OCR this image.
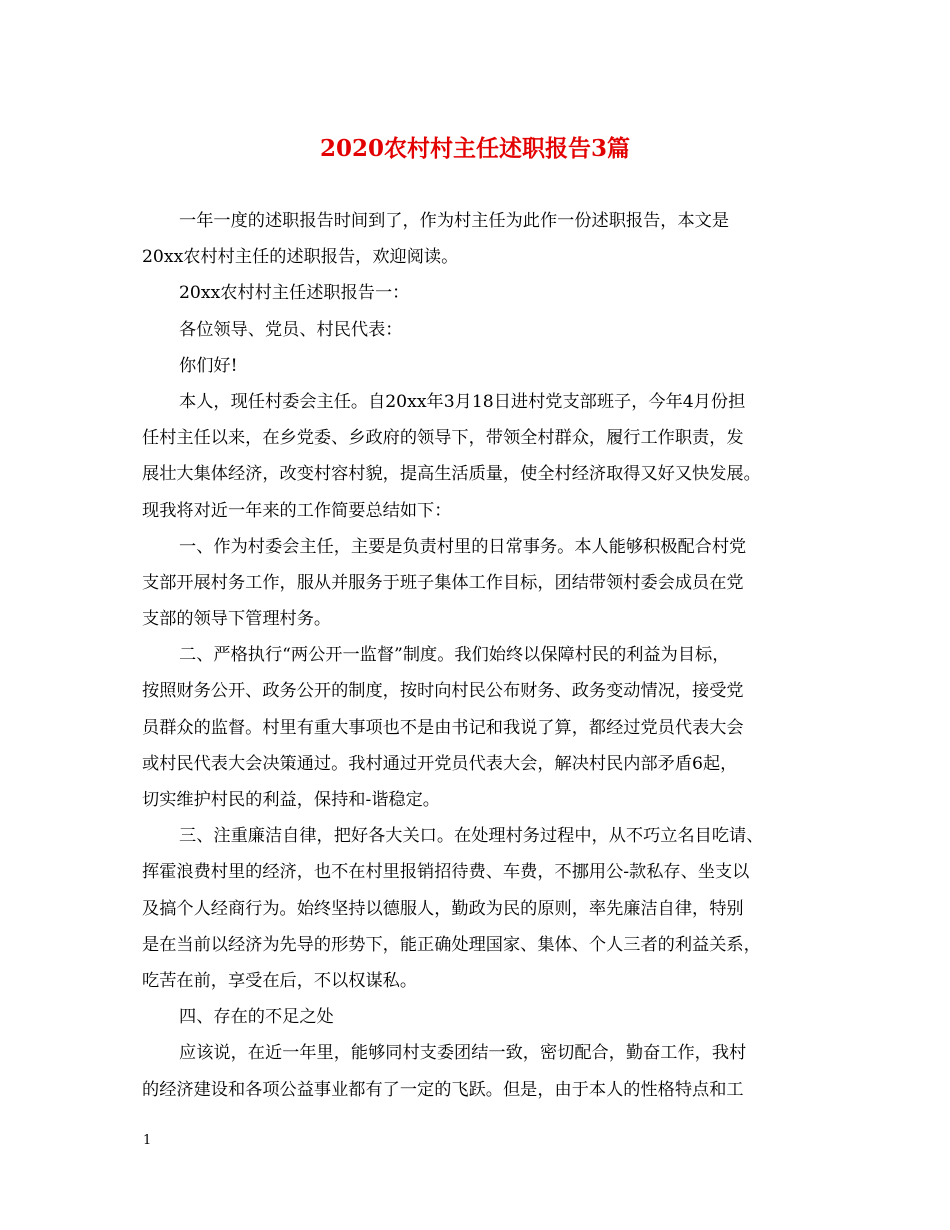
2020农村村主任述职报告3篇
一年一度的述职报告时间到了，作为村主任为此作一份述职报告，本文是
20xx农村村主任的述职报告，欢迎阅读。
20xx农村村主任述职报告一：
各位领导、党员、村民代表：
你们好!
本人，现任村委会主任。自20xx年3月18日进村党支部班子，今年4月份担
任村主任以来，在乡党委、乡政府的领导下，带领全村群众，履行工作职责，发
展壮大集体经济，改变村容村貌，提高生活质量，使全村经济取得又好又快发展。
现我将对近一年来的工作简要总结如下：
一、作为村委会主任，主要是负责村里的日常事务。本人能够积极配合村党
支部开展村务工作，服从并服务于班子集体工作目标，团结带领村委会成员在党
支部的领导下管理村务。
二、严格执行“两公开一监督”制度。我们始终以保障村民的利益为目标，
按照财务公开、政务公开的制度，按时向村民公布财务、政务变动情况，接受党
员群众的监督。村里有重大事项也不是由书记和我说了算，都经过党员代表大会
或村民代表大会决策通过。我村通过开党员代表大会，解决村民内部矛盾6起，
切实维护村民的利益，保持和-谐稳定。
三、注重廉洁自律，把好各大关口。在处理村务过程中，从不巧立名目吃请、
挥霍浪费村里的经济，也不在村里报销招待费、车费，不挪用公-款私存、坐支以
及搞个人经商行为。始终坚持以德服人，勤政为民的原则，率先廉洁自律，特别
是在当前以经济为先导的形势下，能正确处理国家、集体、个人三者的利益关系，
吃苦在前，享受在后，不以权谋私。
四、存在的不足之处
应该说，在近一年里，能够同村支委团结一致，密切配合，勤奋工作，我村
的经济建设和各项公益事业都有了一定的飞跃。但是，由于本人的性格特点和工
1
